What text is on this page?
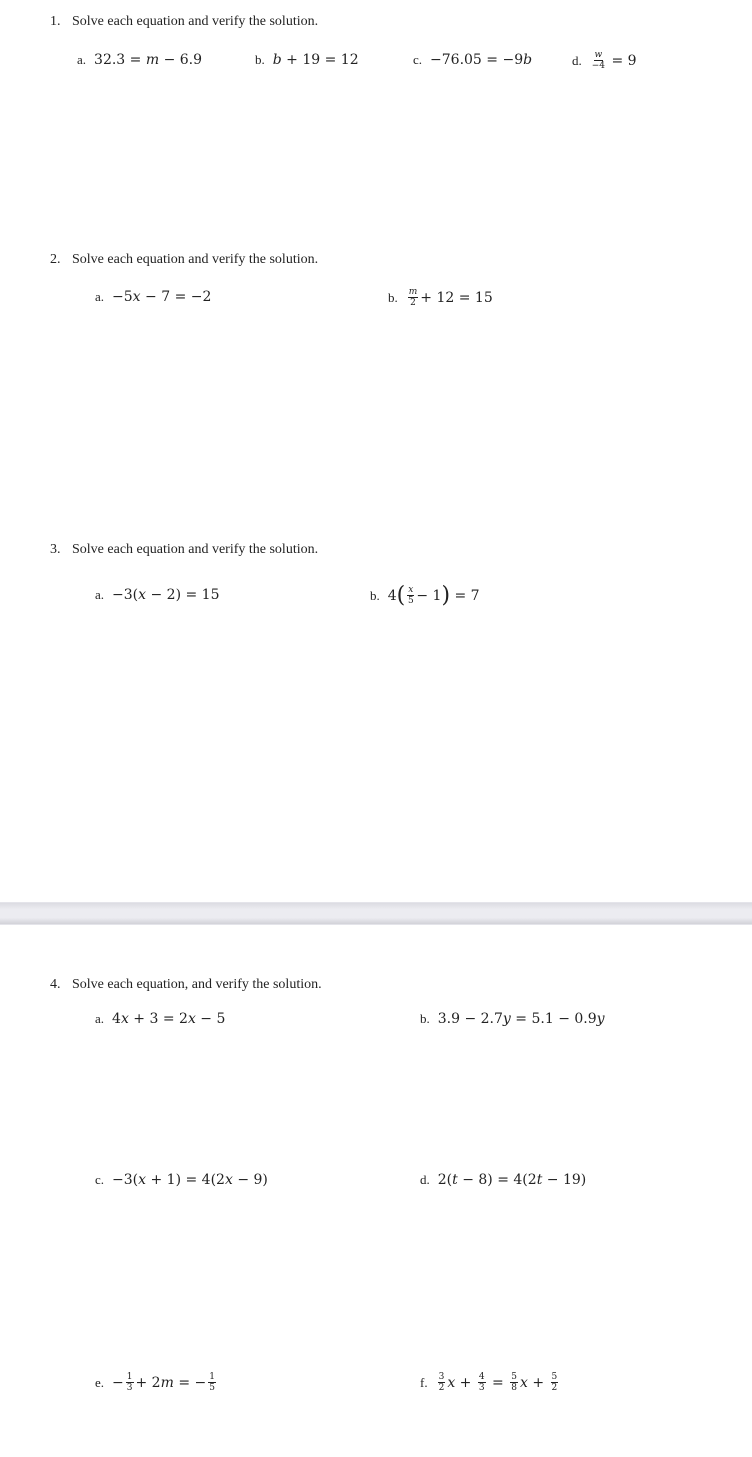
1. Solve each equation and verify the solution.
a. 32.3 = m − 6.9	b. b + 19 = 12	c. −76.05 = −9 b	d. $\frac{w}{-4} = 9$
2. Solve each equation and verify the solution.
a. −5 x − 7 = −2	b. $\frac{m}{2} + 12 = 15$
3. Solve each equation and verify the solution.
a. −3( x − 2) = 15	b. 4 ( $\frac{x}{5} - 1$ ) = 7
4. Solve each equation, and verify the solution.
a. 4 x + 3 = 2 x − 5	b. 3.9 − 2.7 y = 5.1 − 0.9 y
c. −3( x + 1) = 4(2 x − 9)	d. 2( t − 8) = 4(2 t − 19)
e. − $\frac{1}{3} + 2$ m = − $\frac{1}{5}$	f. $\frac{3}{2}$ $x + \frac{4}{3} = \frac{5}{8}$ $x + \frac{5}{2}$
